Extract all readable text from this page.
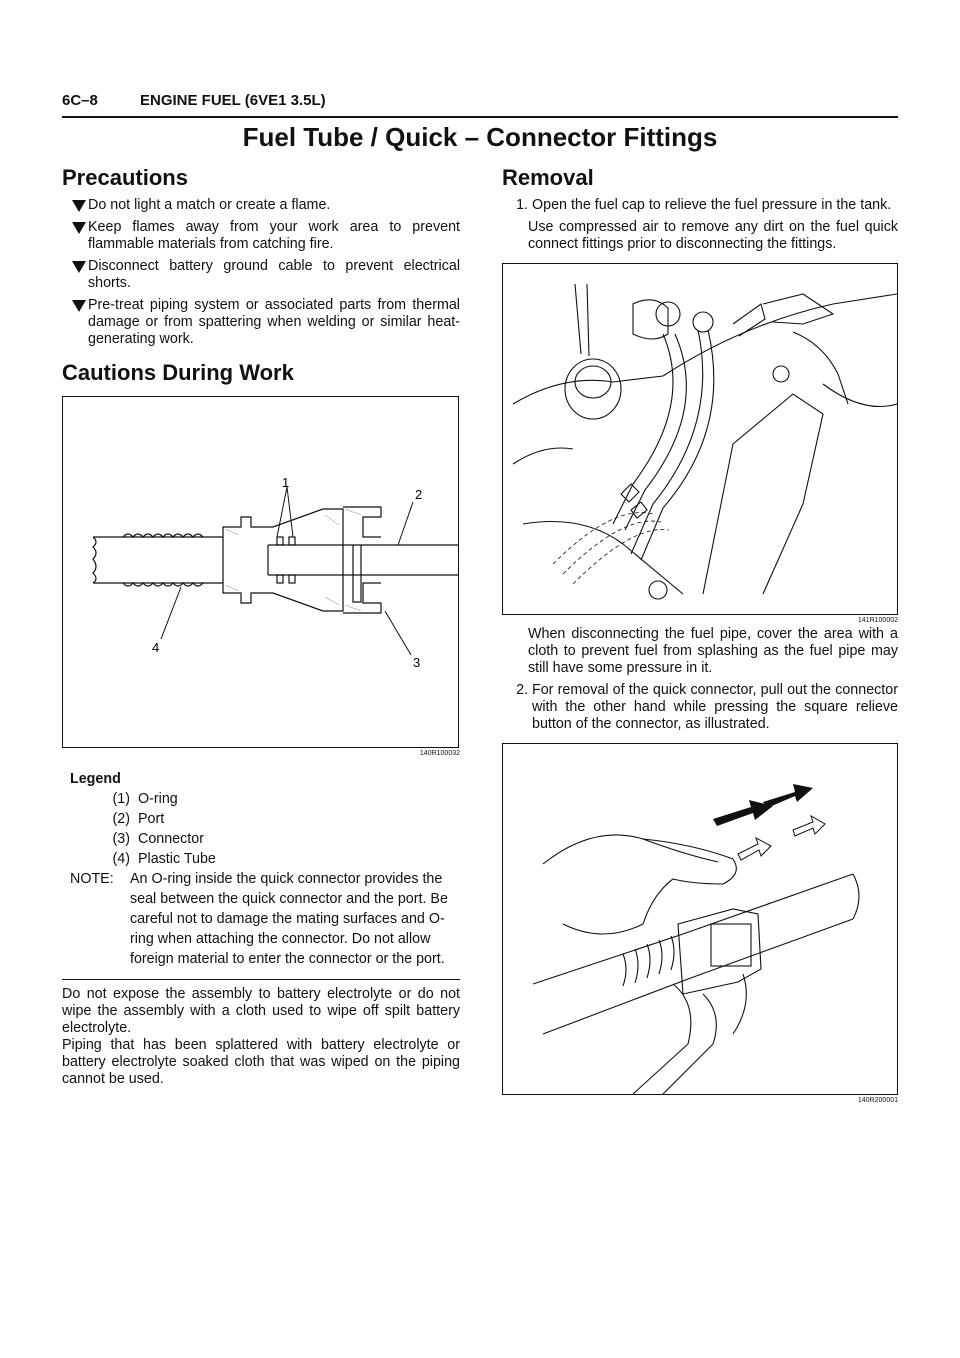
6C–8	ENGINE FUEL (6VE1 3.5L)
Fuel Tube / Quick – Connector Fittings
Precautions
Do not light a match or create a flame.
Keep flames away from your work area to prevent flammable materials from catching fire.
Disconnect battery ground cable to prevent electrical shorts.
Pre-treat piping system or associated parts from thermal damage or from spattering when welding or similar heat-generating work.
Cautions During Work
1
2
3
4
140R100032
Legend
(1) O-ring
(2) Port
(3) Connector
(4) Plastic Tube
NOTE:	An O-ring inside the quick connector provides the seal between the quick connector and the port. Be careful not to damage the mating surfaces and O-ring when attaching the connector. Do not allow foreign material to enter the connector or the port.

Do not expose the assembly to battery electrolyte or do not wipe the assembly with a cloth used to wipe off spilt battery electrolyte.

Piping that has been splattered with battery electrolyte or battery electrolyte soaked cloth that was wiped on the piping cannot be used.

Removal
1. Open the fuel cap to relieve the fuel pressure in the tank.
Use compressed air to remove any dirt on the fuel quick connect fittings prior to disconnecting the fittings.
141R100002
When disconnecting the fuel pipe, cover the area with a cloth to prevent fuel from splashing as the fuel pipe may still have some pressure in it.
2. For removal of the quick connector, pull out the connector with the other hand while pressing the square relieve button of the connector, as illustrated.
140R200001
